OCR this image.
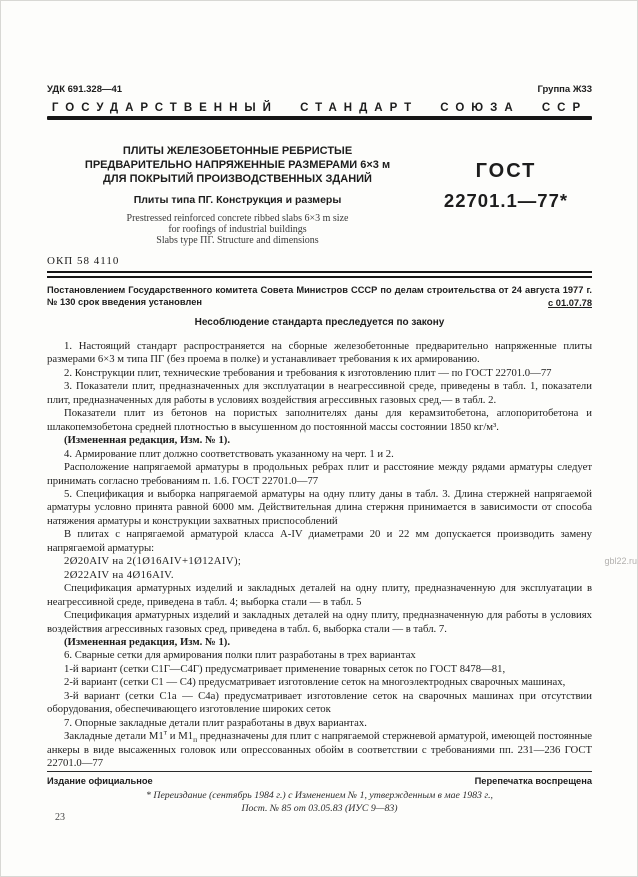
УДК 691.328—41	Группа Ж33
ГОСУДАРСТВЕННЫЙ СТАНДАРТ СОЮЗА ССР
ПЛИТЫ ЖЕЛЕЗОБЕТОННЫЕ РЕБРИСТЫЕ
ПРЕДВАРИТЕЛЬНО НАПРЯЖЕННЫЕ РАЗМЕРАМИ 6×3 м
ДЛЯ ПОКРЫТИЙ ПРОИЗВОДСТВЕННЫХ ЗДАНИЙ
Плиты типа ПГ. Конструкция и размеры
Prestressed reinforced concrete ribbed slabs 6×3 m size
for roofings of industrial buildings
Slabs type ПГ. Structure and dimensions
ГОСТ
22701.1—77*
ОКП 58 4110
Постановлением Государственного комитета Совета Министров СССР по делам строительства от 24 августа 1977 г. № 130 срок введения установлен	с 01.07.78
Несоблюдение стандарта преследуется по закону

1. Настоящий стандарт распространяется на сборные железобетонные предварительно напряженные плиты размерами 6×3 м типа ПГ (без проема в полке) и устанавливает требования к их армированию.

2. Конструкции плит, технические требования и требования к изготовлению плит — по ГОСТ 22701.0—77

3. Показатели плит, предназначенных для эксплуатации в неагрессивной среде, приведены в табл. 1, показатели плит, предназначенных для работы в условиях воздействия агрессивных газовых сред,— в табл. 2.

Показатели плит из бетонов на пористых заполнителях даны для керамзитобетона, аглопоритобетона и шлакопемзобетона средней плотностью в высушенном до постоянной массы состоянии 1850 кг/м³.

(Измененная редакция, Изм. № 1).

4. Армирование плит должно соответствовать указанному на черт. 1 и 2.

Расположение напрягаемой арматуры в продольных ребрах плит и расстояние между рядами арматуры следует принимать согласно требованиям п. 1.6. ГОСТ 22701.0—77

5. Спецификация и выборка напрягаемой арматуры на одну плиту даны в табл. 3. Длина стержней напрягаемой арматуры условно принята равной 6000 мм. Действительная длина стержня принимается в зависимости от способа натяжения арматуры и конструкции захватных приспособлений

В плитах с напрягаемой арматурой класса А-IV диаметрами 20 и 22 мм допускается производить замену напрягаемой арматуры:

2Ø20АIV на 2(1Ø16АIV+1Ø12АIV);

2Ø22АIV на 4Ø16АIV.

Спецификация арматурных изделий и закладных деталей на одну плиту, предназначенную для эксплуатации в неагрессивной среде, приведена в табл. 4; выборка стали — в табл. 5

Спецификация арматурных изделий и закладных деталей на одну плиту, предназначенную для работы в условиях воздействия агрессивных газовых сред, приведена в табл. 6, выборка стали — в табл. 7.

(Измененная редакция, Изм. № 1).

6. Сварные сетки для армирования полки плит разработаны в трех вариантах

1-й вариант (сетки С1Г—С4Г) предусматривает применение товарных сеток по ГОСТ 8478—81,

2-й вариант (сетки С1 — С4) предусматривает изготовление сеток на многоэлектродных сварочных машинах,

3-й вариант (сетки С1а — С4а) предусматривает изготовление сеток на сварочных машинах при отсутствии оборудования, обеспечивающего изготовление широких сеток

7. Опорные закладные детали плит разработаны в двух вариантах.

Закладные детали $М1^т$ и $М1_п$ предназначены для плит с напрягаемой стержневой арматурой, имеющей постоянные анкеры в виде высаженных головок или опрессованных обойм в соответствии с требованиями пп. 231—236 ГОСТ 22701.0—77

Издание официальное	Перепечатка воспрещена
* Переиздание (сентябрь 1984 г.) с Изменением № 1, утвержденным в мае 1983 г.,
Пост. № 85 от 03.05.83 (ИУС 9—83)
23
gbl22.ru
